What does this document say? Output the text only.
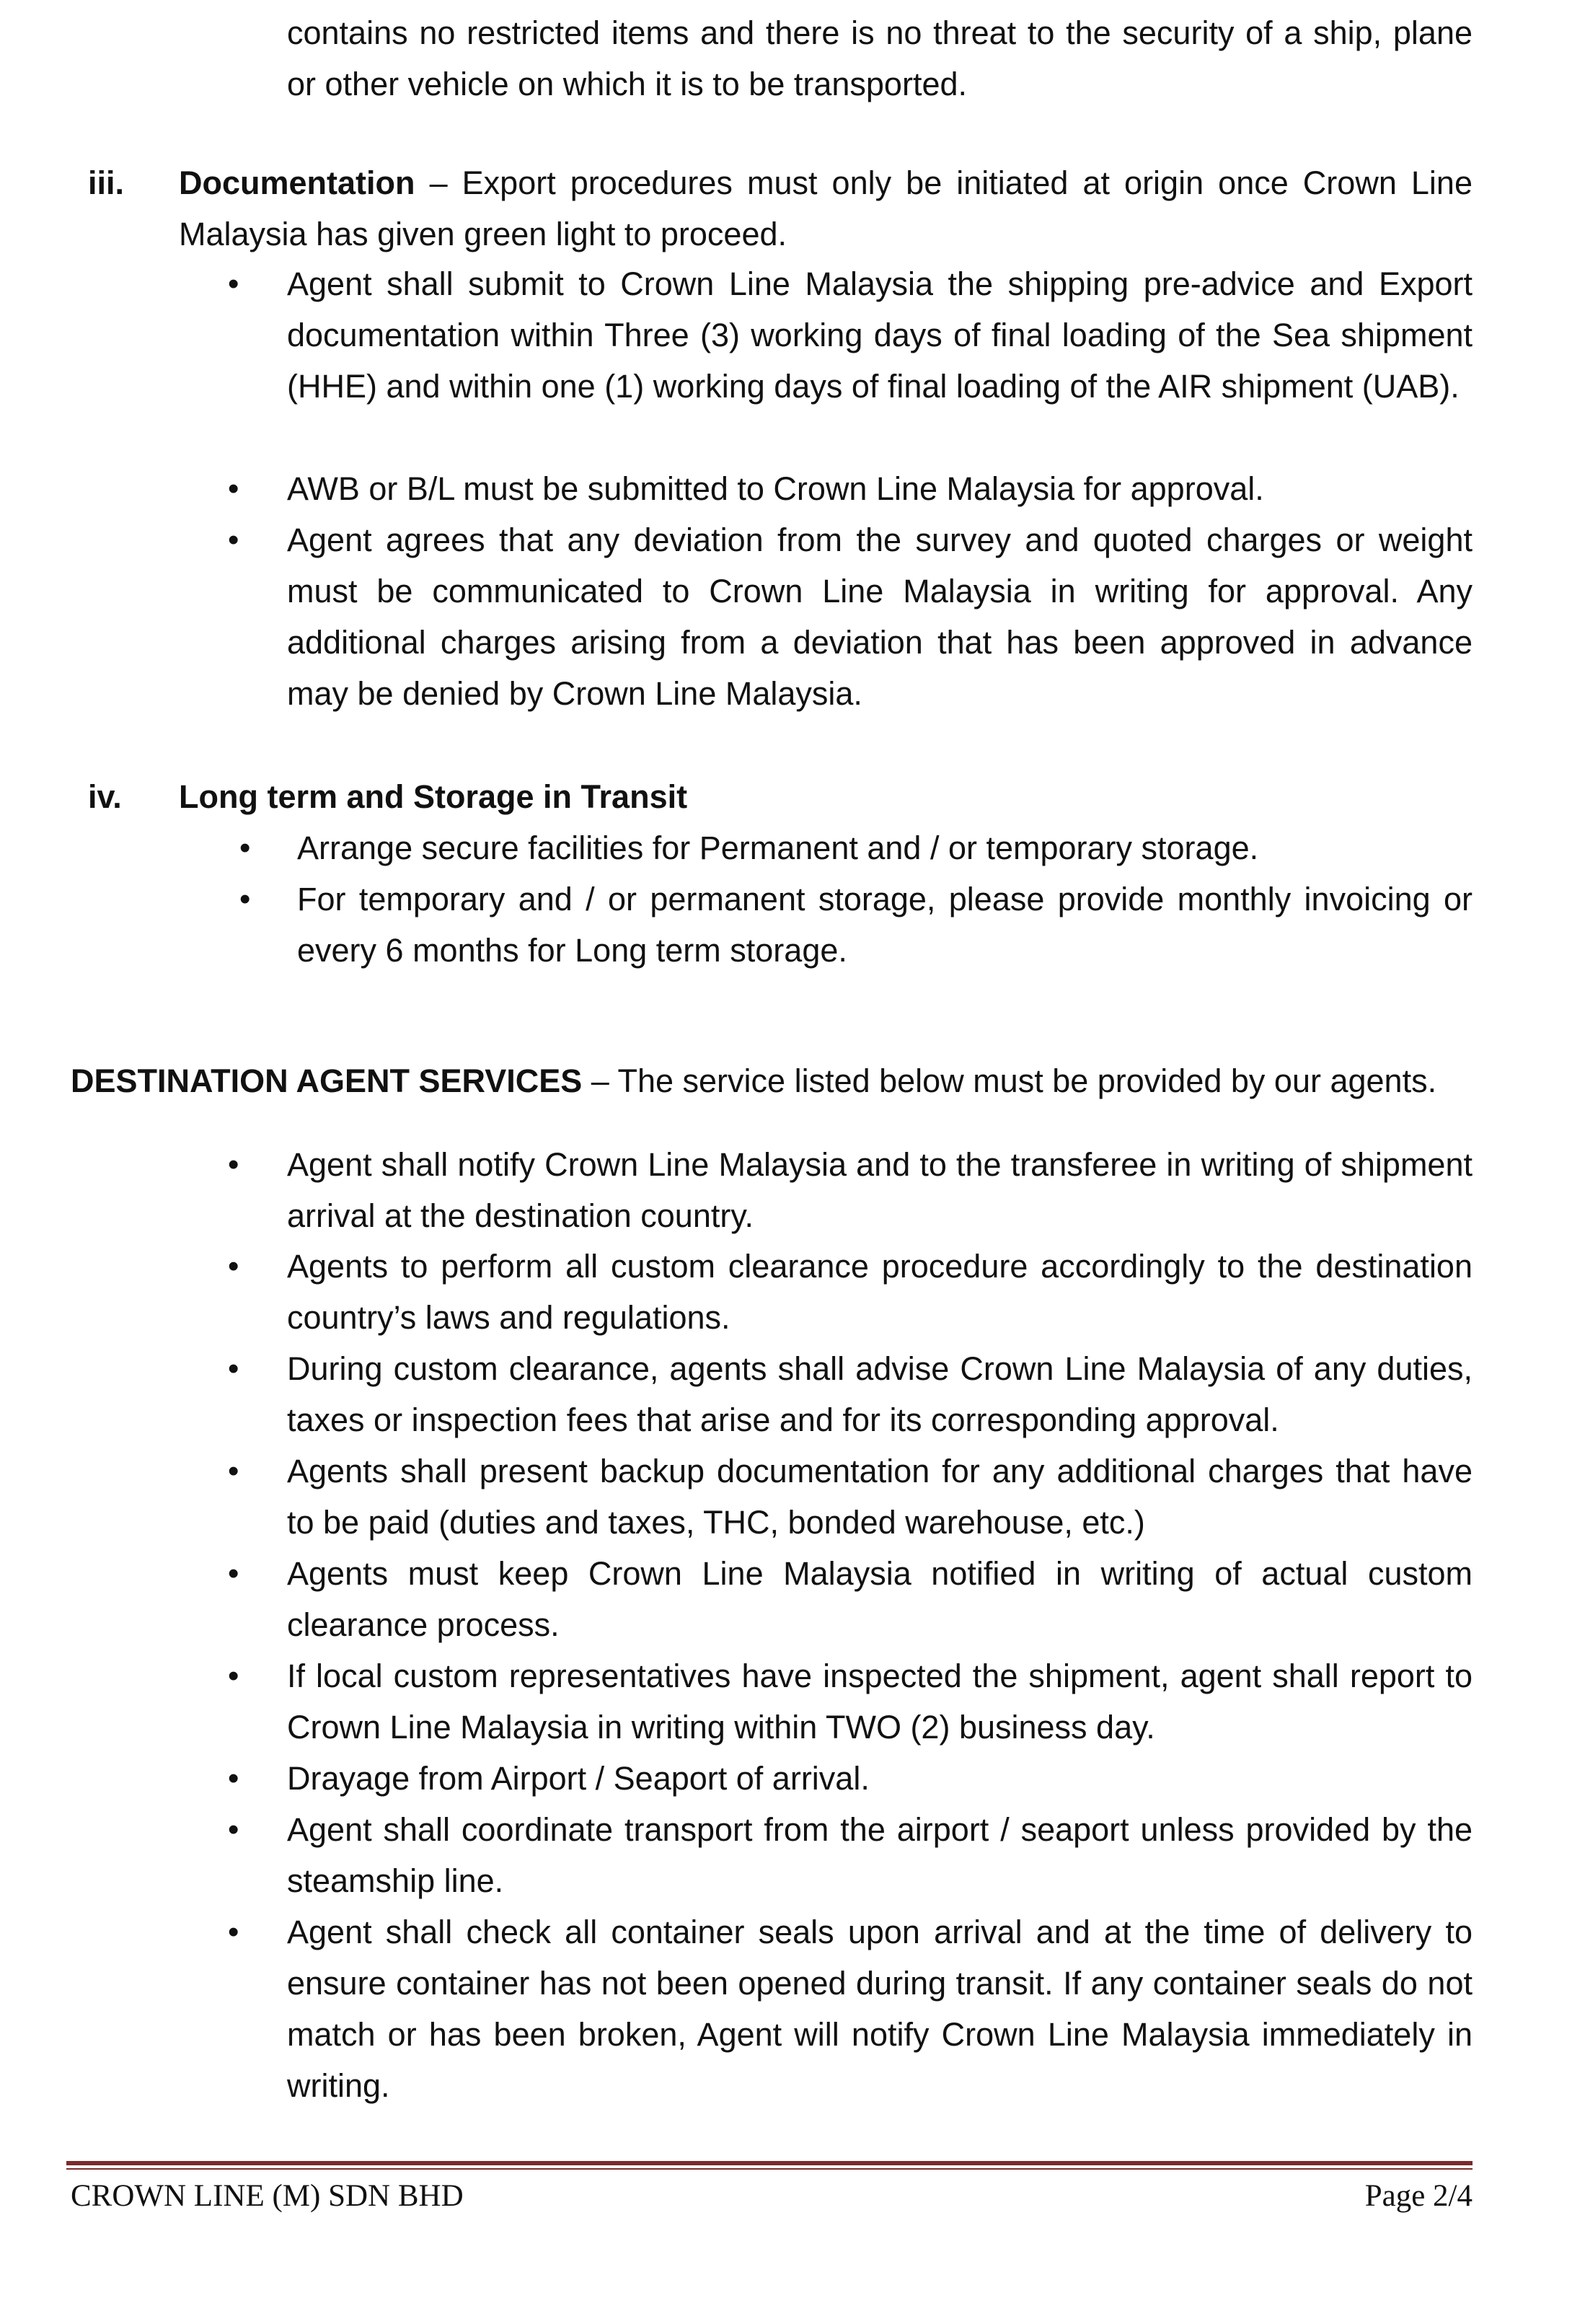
contains no restricted items and there is no threat to the security of a ship, plane or other vehicle on which it is to be transported.

iii. Documentation – Export procedures must only be initiated at origin once Crown Line Malaysia has given green light to proceed.

• Agent shall submit to Crown Line Malaysia the shipping pre-advice and Export documentation within Three (3) working days of final loading of the Sea shipment (HHE) and within one (1) working days of final loading of the AIR shipment (UAB).

• AWB or B/L must be submitted to Crown Line Malaysia for approval.

• Agent agrees that any deviation from the survey and quoted charges or weight must be communicated to Crown Line Malaysia in writing for approval. Any additional charges arising from a deviation that has been approved in advance may be denied by Crown Line Malaysia.

iv. Long term and Storage in Transit

• Arrange secure facilities for Permanent and / or temporary storage.

• For temporary and / or permanent storage, please provide monthly invoicing or every 6 months for Long term storage.

DESTINATION AGENT SERVICES – The service listed below must be provided by our agents.

• Agent shall notify Crown Line Malaysia and to the transferee in writing of shipment arrival at the destination country.

• Agents to perform all custom clearance procedure accordingly to the destination country’s laws and regulations.

• During custom clearance, agents shall advise Crown Line Malaysia of any duties, taxes or inspection fees that arise and for its corresponding approval.

• Agents shall present backup documentation for any additional charges that have to be paid (duties and taxes, THC, bonded warehouse, etc.)

• Agents must keep Crown Line Malaysia notified in writing of actual custom clearance process.

• If local custom representatives have inspected the shipment, agent shall report to Crown Line Malaysia in writing within TWO (2) business day.

• Drayage from Airport / Seaport of arrival.

• Agent shall coordinate transport from the airport / seaport unless provided by the steamship line.

• Agent shall check all container seals upon arrival and at the time of delivery to ensure container has not been opened during transit. If any container seals do not match or has been broken, Agent will notify Crown Line Malaysia immediately in writing.

CROWN LINE (M) SDN BHD	Page 2/4
